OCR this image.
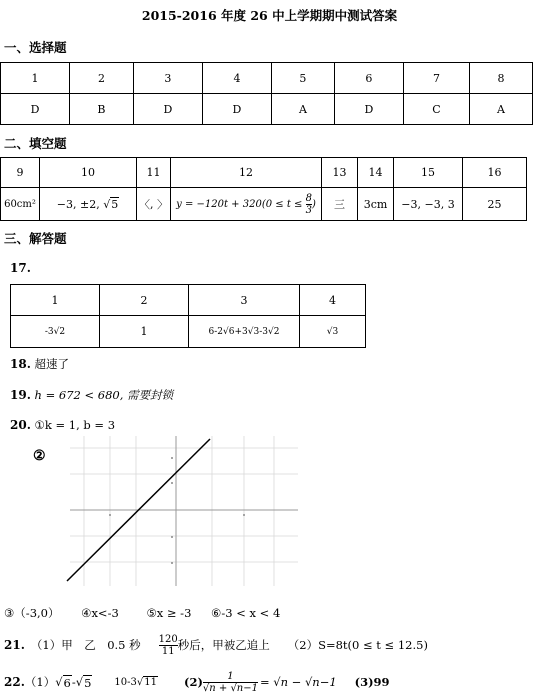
2015-2016 年度 26 中上学期期中测试答案
一、选择题
1	2	3	4	5	6	7	8
D	B	D	D	A	D	C	A
二、填空题
9	10	11	12	13	14	15	16
60cm²	−3, ±2, √5	〈, 〉	$y = -120t + 320(0 \le t \le \frac{8}{3}$ )	三	3cm	−3, −3, 3	25
三、解答题
17.
1	2	3	4
-3√2	1	6-2√6+3√3-3√2	√3
18. 超速了
19. h = 672 < 680, 需要封锁
20. ①k = 1, b = 3
②
③（-3,0） ④x<-3 ⑤x ≥ -3 ⑥-3 < x < 4
21. （1）甲　乙　0.5 秒 $\frac{120}{11}$ 秒后，甲被乙追上 （2）S=8t(0 ≤ t ≤ 12.5)
22. （1） √ 6 - √ 5 10-3√11 $(2) \frac{1}{√n + √n-1} = √n - √n-1$ (3)99
